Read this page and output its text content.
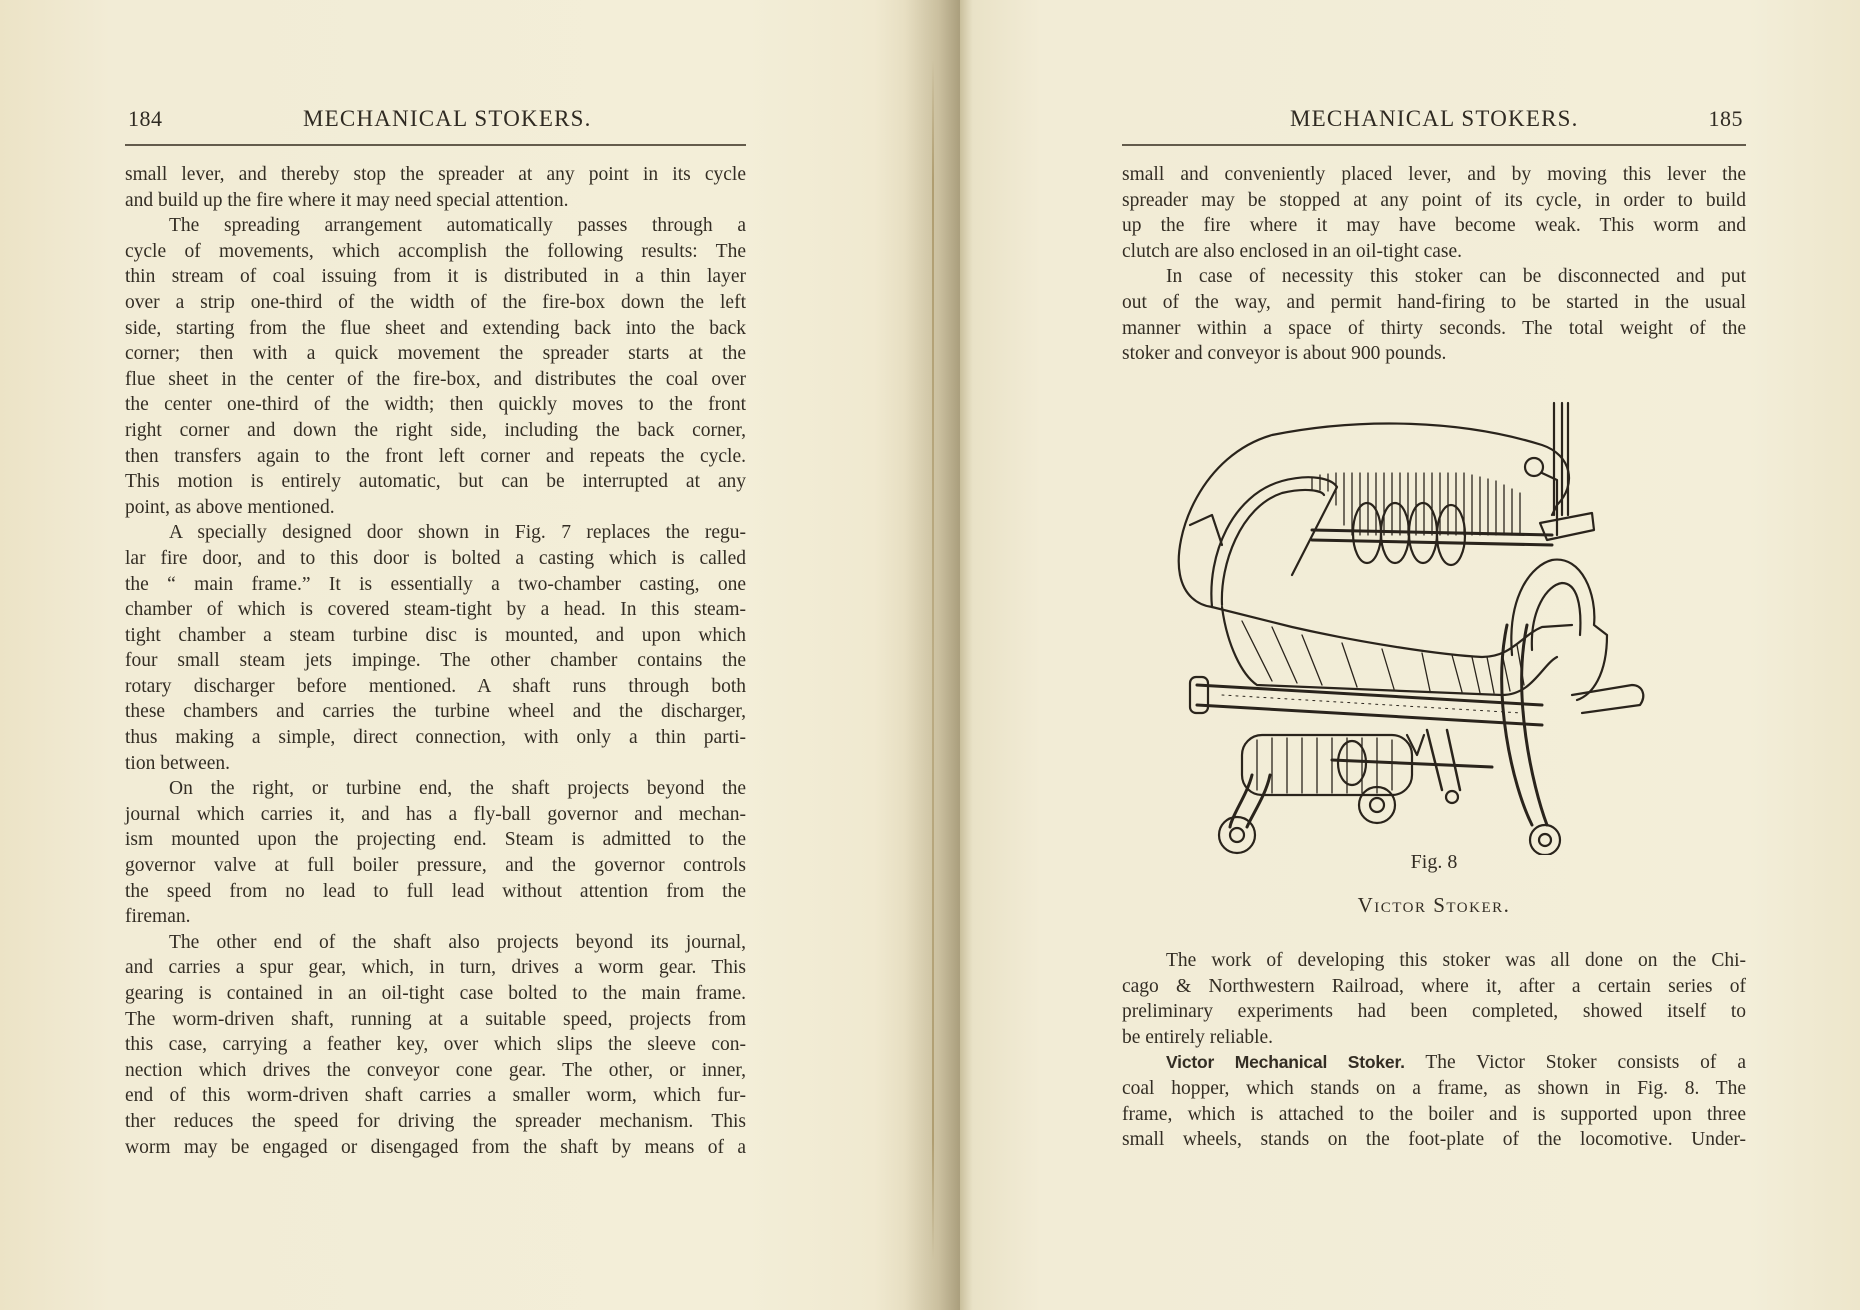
184	MECHANICAL STOKERS.
small lever, and thereby stop the spreader at any point in its cycle
and build up the fire where it may need special attention.
The spreading arrangement automatically passes through a
cycle of movements, which accomplish the following results: The
thin stream of coal issuing from it is distributed in a thin layer
over a strip one-third of the width of the fire-box down the left
side, starting from the flue sheet and extending back into the back
corner; then with a quick movement the spreader starts at the
flue sheet in the center of the fire-box, and distributes the coal over
the center one-third of the width; then quickly moves to the front
right corner and down the right side, including the back corner,
then transfers again to the front left corner and repeats the cycle.
This motion is entirely automatic, but can be interrupted at any
point, as above mentioned.
A specially designed door shown in Fig. 7 replaces the regu-
lar fire door, and to this door is bolted a casting which is called
the “ main frame.” It is essentially a two-chamber casting, one
chamber of which is covered steam-tight by a head. In this steam-
tight chamber a steam turbine disc is mounted, and upon which
four small steam jets impinge. The other chamber contains the
rotary discharger before mentioned. A shaft runs through both
these chambers and carries the turbine wheel and the discharger,
thus making a simple, direct connection, with only a thin parti-
tion between.
On the right, or turbine end, the shaft projects beyond the
journal which carries it, and has a fly-ball governor and mechan-
ism mounted upon the projecting end. Steam is admitted to the
governor valve at full boiler pressure, and the governor controls
the speed from no lead to full lead without attention from the
fireman.
The other end of the shaft also projects beyond its journal,
and carries a spur gear, which, in turn, drives a worm gear. This
gearing is contained in an oil-tight case bolted to the main frame.
The worm-driven shaft, running at a suitable speed, projects from
this case, carrying a feather key, over which slips the sleeve con-
nection which drives the conveyor cone gear. The other, or inner,
end of this worm-driven shaft carries a smaller worm, which fur-
ther reduces the speed for driving the spreader mechanism. This
worm may be engaged or disengaged from the shaft by means of a
MECHANICAL STOKERS.	185
small and conveniently placed lever, and by moving this lever the
spreader may be stopped at any point of its cycle, in order to build
up the fire where it may have become weak. This worm and
clutch are also enclosed in an oil-tight case.
In case of necessity this stoker can be disconnected and put
out of the way, and permit hand-firing to be started in the usual
manner within a space of thirty seconds. The total weight of the
stoker and conveyor is about 900 pounds.
Fig. 8
Victor Stoker.
The work of developing this stoker was all done on the Chi-
cago & Northwestern Railroad, where it, after a certain series of
preliminary experiments had been completed, showed itself to
be entirely reliable.
Victor Mechanical Stoker. The Victor Stoker consists of a
coal hopper, which stands on a frame, as shown in Fig. 8. The
frame, which is attached to the boiler and is supported upon three
small wheels, stands on the foot-plate of the locomotive. Under-
